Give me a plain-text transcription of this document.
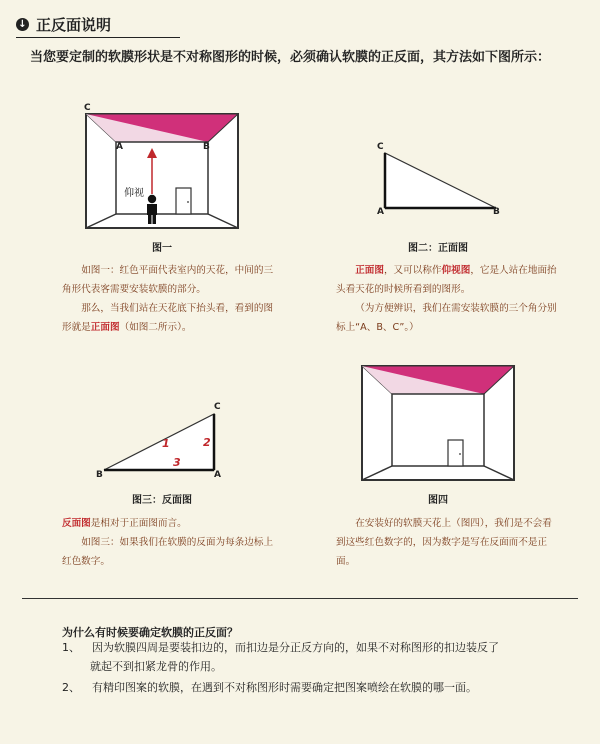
↓ 正反面说明
当您要定制的软膜形状是不对称图形的时候，必须确认软膜的正反面，其方法如下图所示：
C
A	B
仰视
图一
C
A	B
图二：正面图

如图一：红色平面代表室内的天花，中间的三角形代表客需要安装软膜的部分。

那么，当我们站在天花底下抬头看，看到的图形就是正面图（如图二所示）。

正面图，又可以称作仰视图，它是人站在地面抬头看天花的时候所看到的图形。

（为方便辨识，我们在需安装软膜的三个角分别标上“A、B、C”。）

C
B	A
1	2
3
图三：反面图	图四

反面图是相对于正面图而言。

如图三：如果我们在软膜的反面为每条边标上红色数字。

在安装好的软膜天花上（图四），我们是不会看到这些红色数字的，因为数字是写在反面而不是正面。

为什么有时候要确定软膜的正反面？
1、 因为软膜四周是要装扣边的，而扣边是分正反方向的，如果不对称图形的扣边装反了
就起不到扣紧龙骨的作用。
2、 有精印图案的软膜，在遇到不对称图形时需要确定把图案喷绘在软膜的哪一面。
